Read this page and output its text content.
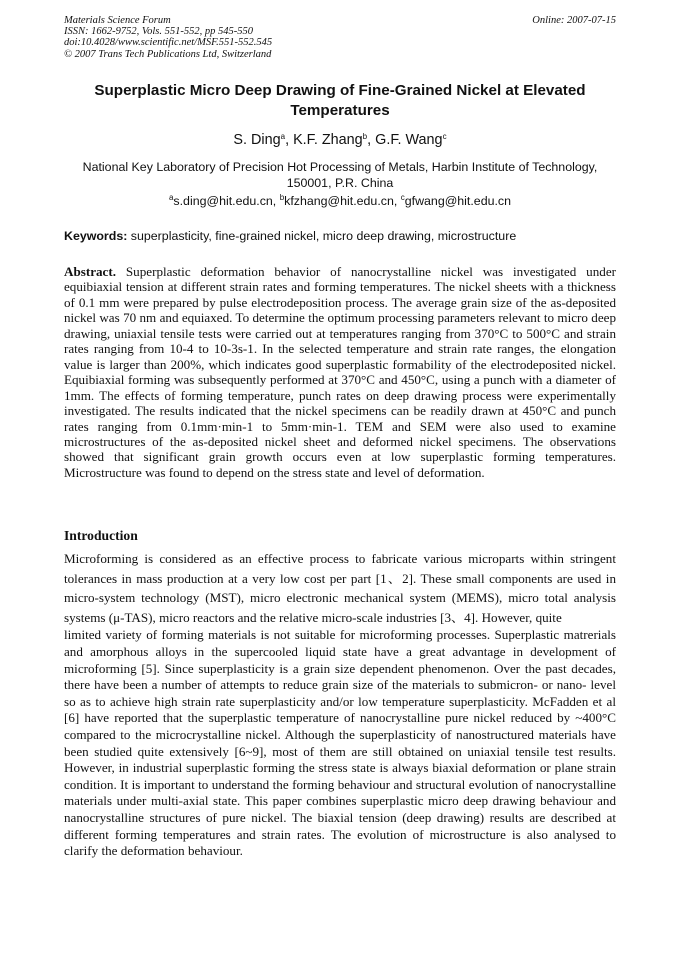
Materials Science Forum
ISSN: 1662-9752, Vols. 551-552, pp 545-550
doi:10.4028/www.scientific.net/MSF.551-552.545
© 2007 Trans Tech Publications Ltd, Switzerland
Online: 2007-07-15
Superplastic Micro Deep Drawing of Fine-Grained Nickel at Elevated Temperatures
S. Ding$^a$, K.F. Zhang$^b$, G.F. Wang$^c$
National Key Laboratory of Precision Hot Processing of Metals, Harbin Institute of Technology, 150001, P.R. China
$^a$s.ding@hit.edu.cn, $^b$kfzhang@hit.edu.cn, $^c$gfwang@hit.edu.cn
Keywords: superplasticity, fine-grained nickel, micro deep drawing, microstructure
Abstract. Superplastic deformation behavior of nanocrystalline nickel was investigated under equibiaxial tension at different strain rates and forming temperatures. The nickel sheets with a thickness of 0.1 mm were prepared by pulse electrodeposition process. The average grain size of the as-deposited nickel was 70 nm and equiaxed. To determine the optimum processing parameters relevant to micro deep drawing, uniaxial tensile tests were carried out at temperatures ranging from 370°C to 500°C and strain rates ranging from 10-4 to 10-3s-1. In the selected temperature and strain rate ranges, the elongation value is larger than 200%, which indicates good superplastic formability of the electrodeposited nickel. Equibiaxial forming was subsequently performed at 370°C and 450°C, using a punch with a diameter of 1mm. The effects of forming temperature, punch rates on deep drawing process were experimentally investigated. The results indicated that the nickel specimens can be readily drawn at 450°C and punch rates ranging from 0.1mm·min-1 to 5mm·min-1. TEM and SEM were also used to examine microstructures of the as-deposited nickel sheet and deformed nickel specimens. The observations showed that significant grain growth occurs even at low superplastic forming temperatures. Microstructure was found to depend on the stress state and level of deformation.
Introduction
Microforming is considered as an effective process to fabricate various microparts within stringent tolerances in mass production at a very low cost per part [1、2]. These small components are used in micro-system technology (MST), micro electronic mechanical system (MEMS), micro total analysis systems (μ-TAS), micro reactors and the relative micro-scale industries [3、4]. However, quite
limited variety of forming materials is not suitable for microforming processes. Superplastic matrerials and amorphous alloys in the supercooled liquid state have a great advantage in development of microforming [5]. Since superplasticity is a grain size dependent phenomenon. Over the past decades, there have been a number of attempts to reduce grain size of the materials to submicron- or nano- level so as to achieve high strain rate superplasticity and/or low temperature superplasticity. McFadden et al [6] have reported that the superplastic temperature of nanocrystalline pure nickel reduced by ~400°C compared to the microcrystalline nickel. Although the superplasticity of nanostructured materials have been studied quite extensively [6~9], most of them are still obtained on uniaxial tensile test results. However, in industrial superplastic forming the stress state is always biaxial deformation or plane strain condition. It is important to understand the forming behaviour and structural evolution of nanocrystalline materials under multi-axial state. This paper combines superplastic micro deep drawing behaviour and nanocrystalline structures of pure nickel. The biaxial tension (deep drawing) results are described at different forming temperatures and strain rates. The evolution of microstructure is also analysed to clarify the deformation behaviour.
